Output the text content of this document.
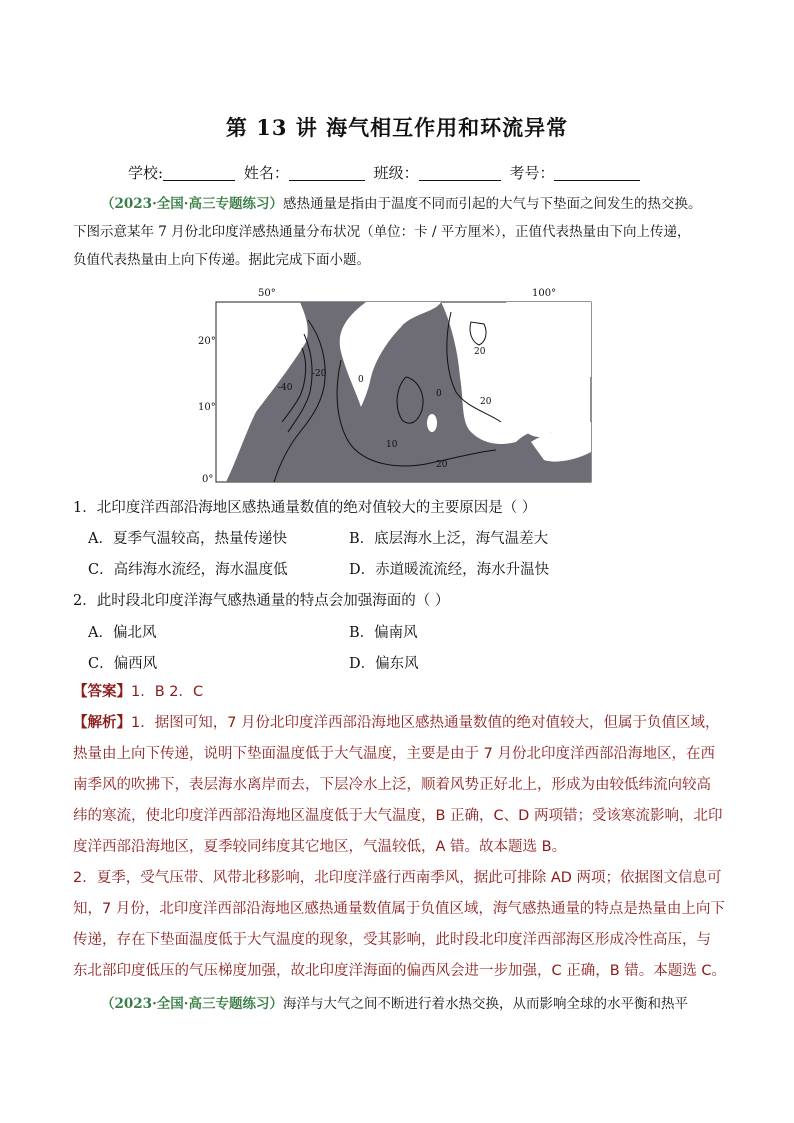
第 13 讲 海气相互作用和环流异常
学校:	姓名：	班级：	考号：
（2023·全国·高三专题练习）感热通量是指由于温度不同而引起的大气与下垫面之间发生的热交换。
下图示意某年 7 月份北印度洋感热通量分布状况（单位：卡 / 平方厘米），正值代表热量由下向上传递，
负值代表热量由上向下传递。据此完成下面小题。
50°	100°
20°
10°
0°
-40
-20
0
20
0
20
10
20
1．北印度洋西部沿海地区感热通量数值的绝对值较大的主要原因是（ ）
A．夏季气温较高，热量传递快	B．底层海水上泛，海气温差大
C．高纬海水流经，海水温度低	D．赤道暖流流经，海水升温快
2．此时段北印度洋海气感热通量的特点会加强海面的（ ）
A．偏北风	B．偏南风
C．偏西风	D．偏东风
【答案】1．B 2．C
【解析】1．据图可知，7 月份北印度洋西部沿海地区感热通量数值的绝对值较大，但属于负值区域，
热量由上向下传递，说明下垫面温度低于大气温度，主要是由于 7 月份北印度洋西部沿海地区，在西
南季风的吹拂下，表层海水离岸而去，下层冷水上泛，顺着风势正好北上，形成为由较低纬流向较高
纬的寒流，使北印度洋西部沿海地区温度低于大气温度，B 正确，C、D 两项错；受该寒流影响，北印
度洋西部沿海地区，夏季较同纬度其它地区，气温较低，A 错。故本题选 B。
2．夏季，受气压带、风带北移影响，北印度洋盛行西南季风，据此可排除 AD 两项；依据图文信息可
知，7 月份，北印度洋西部沿海地区感热通量数值属于负值区域，海气感热通量的特点是热量由上向下
传递，存在下垫面温度低于大气温度的现象，受其影响，此时段北印度洋西部海区形成冷性高压，与
东北部印度低压的气压梯度加强，故北印度洋海面的偏西风会进一步加强，C 正确，B 错。本题选 C。
（2023·全国·高三专题练习）海洋与大气之间不断进行着水热交换，从而影响全球的水平衡和热平
